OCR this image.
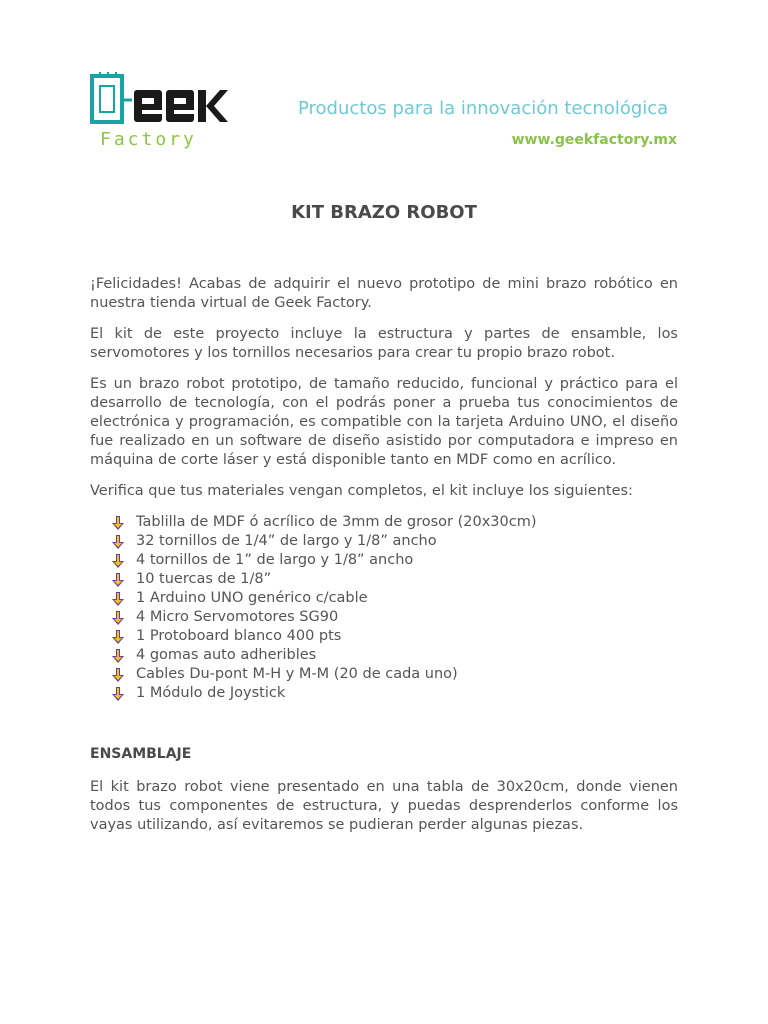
Factory
Productos para la innovación tecnológica
www.geekfactory.mx
KIT BRAZO ROBOT

¡Felicidades! Acabas de adquirir el nuevo prototipo de mini brazo robótico en nuestra tienda virtual de Geek Factory.

El kit de este proyecto incluye la estructura y partes de ensamble, los servomotores y los tornillos necesarios para crear tu propio brazo robot.

Es un brazo robot prototipo, de tamaño reducido, funcional y práctico para el desarrollo de tecnología, con el podrás poner a prueba tus conocimientos de electrónica y programación, es compatible con la tarjeta Arduino UNO, el diseño fue realizado en un software de diseño asistido por computadora e impreso en máquina de corte láser y está disponible tanto en MDF como en acrílico.

Verifica que tus materiales vengan completos, el kit incluye los siguientes:

Tablilla de MDF ó acrílico de 3mm de grosor (20x30cm)
32 tornillos de 1/4” de largo y 1/8” ancho
4 tornillos de 1” de largo y 1/8” ancho
10 tuercas de 1/8”
1 Arduino UNO genérico c/cable
4 Micro Servomotores SG90
1 Protoboard blanco 400 pts
4 gomas auto adheribles
Cables Du-pont M-H y M-M (20 de cada uno)
1 Módulo de Joystick
ENSAMBLAJE

El kit brazo robot viene presentado en una tabla de 30x20cm, donde vienen todos tus componentes de estructura, y puedas desprenderlos conforme los vayas utilizando, así evitaremos se pudieran perder algunas piezas.
